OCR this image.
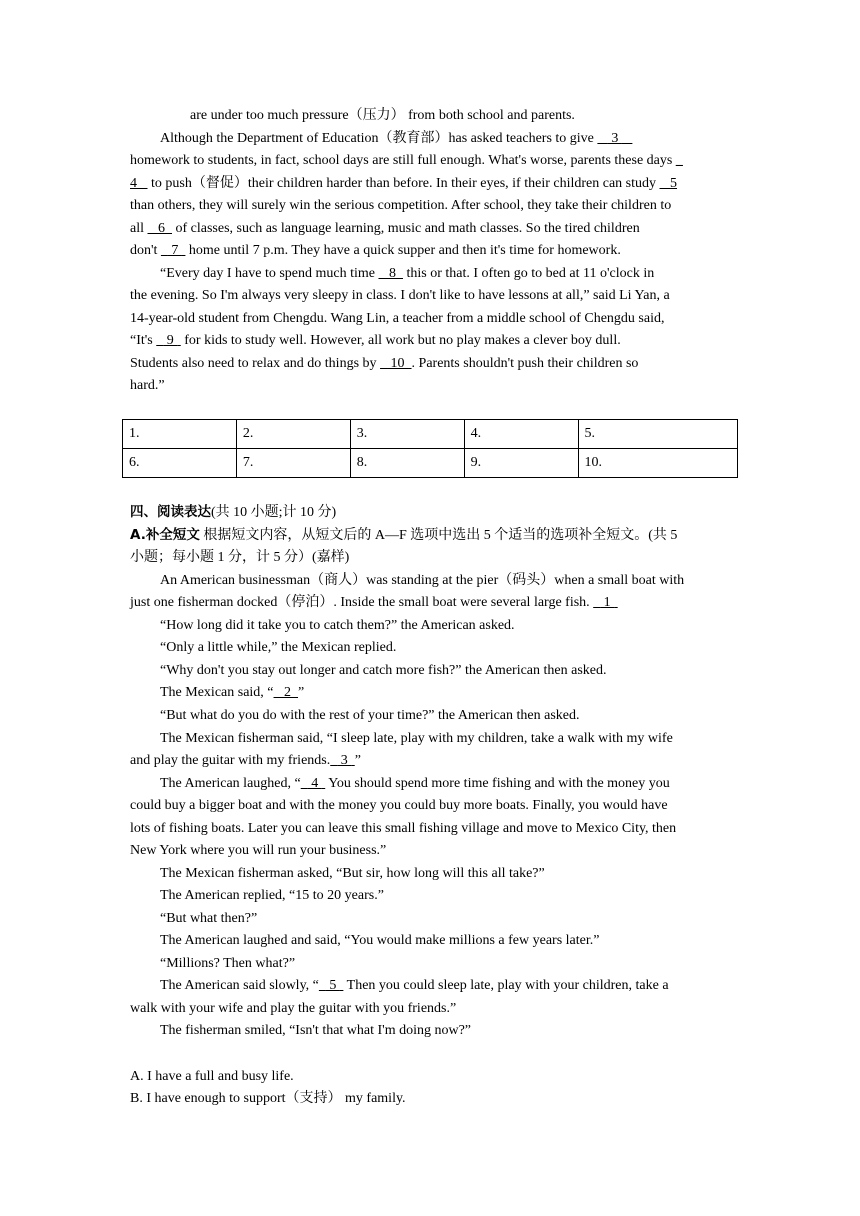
are under too much pressure（压力） from both school and parents.
Although the Department of Education（教育部）has asked teachers to give     3
homework to students, in fact, school days are still full enough. What's worse, parents these days _
4 to push（督促）their children harder than before. In their eyes, if their children can study 5
than others, they will surely win the serious competition. After school, they take their children to
all    6   of classes, such as language learning, music and math classes. So the tired children
don't    7   home until 7 p.m. They have a quick supper and then it's time for homework.
“Every day I have to spend much time    8   this or that. I often go to bed at 11 o'clock in
the evening. So I'm always very sleepy in class. I don't like to have lessons at all,” said Li Yan, a
14-year-old student from Chengdu. Wang Lin, a teacher from a middle school of Chengdu said,
“It's    9   for kids to study well. However, all work but no play makes a clever boy dull.
Students also need to relax and do things by    10  . Parents shouldn't push their children so
hard.”
1.	2.	3.	4.	5.
6.	7.	8.	9.	10.
四、阅读表达(共 10 小题;计 10 分)
A.补全短文 根据短文内容，从短文后的 A—F 选项中选出 5 个适当的选项补全短文。(共 5
小题；每小题 1 分，计 5 分）(嘉样)
An American businessman（商人）was standing at the pier（码头）when a small boat with
just one fisherman docked（停泊）. Inside the small boat were several large fish.    1
“How long did it take you to catch them?” the American asked.
“Only a little while,” the Mexican replied.
“Why don't you stay out longer and catch more fish?” the American then asked.
The Mexican said, “   2  ”
“But what do you do with the rest of your time?” the American then asked.
The Mexican fisherman said, “I sleep late, play with my children, take a walk with my wife
and play the guitar with my friends.   3  ”
The American laughed, “   4   You should spend more time fishing and with the money you
could buy a bigger boat and with the money you could buy more boats. Finally, you would have
lots of fishing boats. Later you can leave this small fishing village and move to Mexico City, then
New York where you will run your business.”
The Mexican fisherman asked, “But sir, how long will this all take?”
The American replied, “15 to 20 years.”
“But what then?”
The American laughed and said, “You would make millions a few years later.”
“Millions? Then what?”
The American said slowly, “   5   Then you could sleep late, play with your children, take a
walk with your wife and play the guitar with you friends.”
The fisherman smiled, “Isn't that what I'm doing now?”
A. I have a full and busy life.
B. I have enough to support（支持） my family.
